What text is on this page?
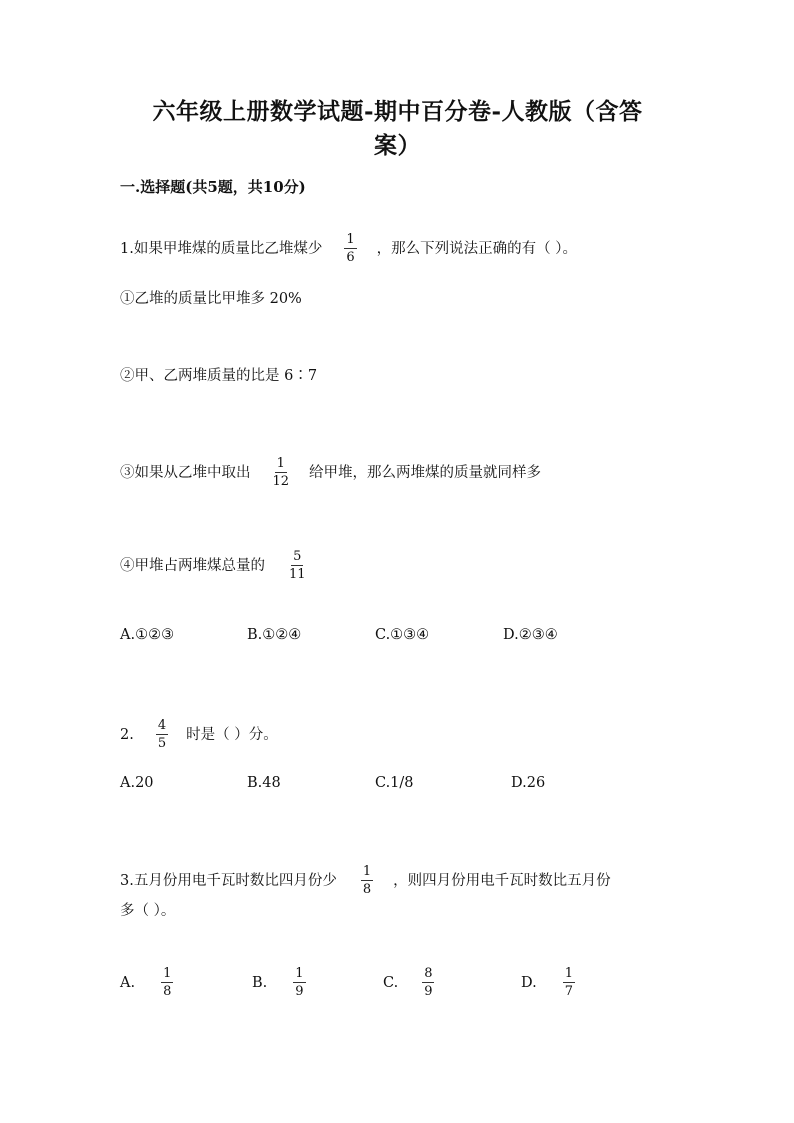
六年级上册数学试题-期中百分卷-人教版（含答
案）
一.选择题(共5题，共10分)
1.如果甲堆煤的质量比乙堆煤少 $\frac{1}{6}$ ，那么下列说法正确的有（ ）。
①乙堆的质量比甲堆多 20%
②甲、乙两堆质量的比是 6∶7
③如果从乙堆中取出 $\frac{1}{12}$ 给甲堆，那么两堆煤的质量就同样多
④甲堆占两堆煤总量的 $\frac{5}{11}$
A.①②③	B.①②④	C.①③④	D.②③④
2. $\frac{4}{5}$ 时是（ ）分。
A.20	B.48	C.1/8	D.26
3.五月份用电千瓦时数比四月份少 $\frac{1}{8}$ ，则四月份用电千瓦时数比五月份
多（ ）。
A. $\frac{1}{8}$	B. $\frac{1}{9}$	C. $\frac{8}{9}$	D. $\frac{1}{7}$
